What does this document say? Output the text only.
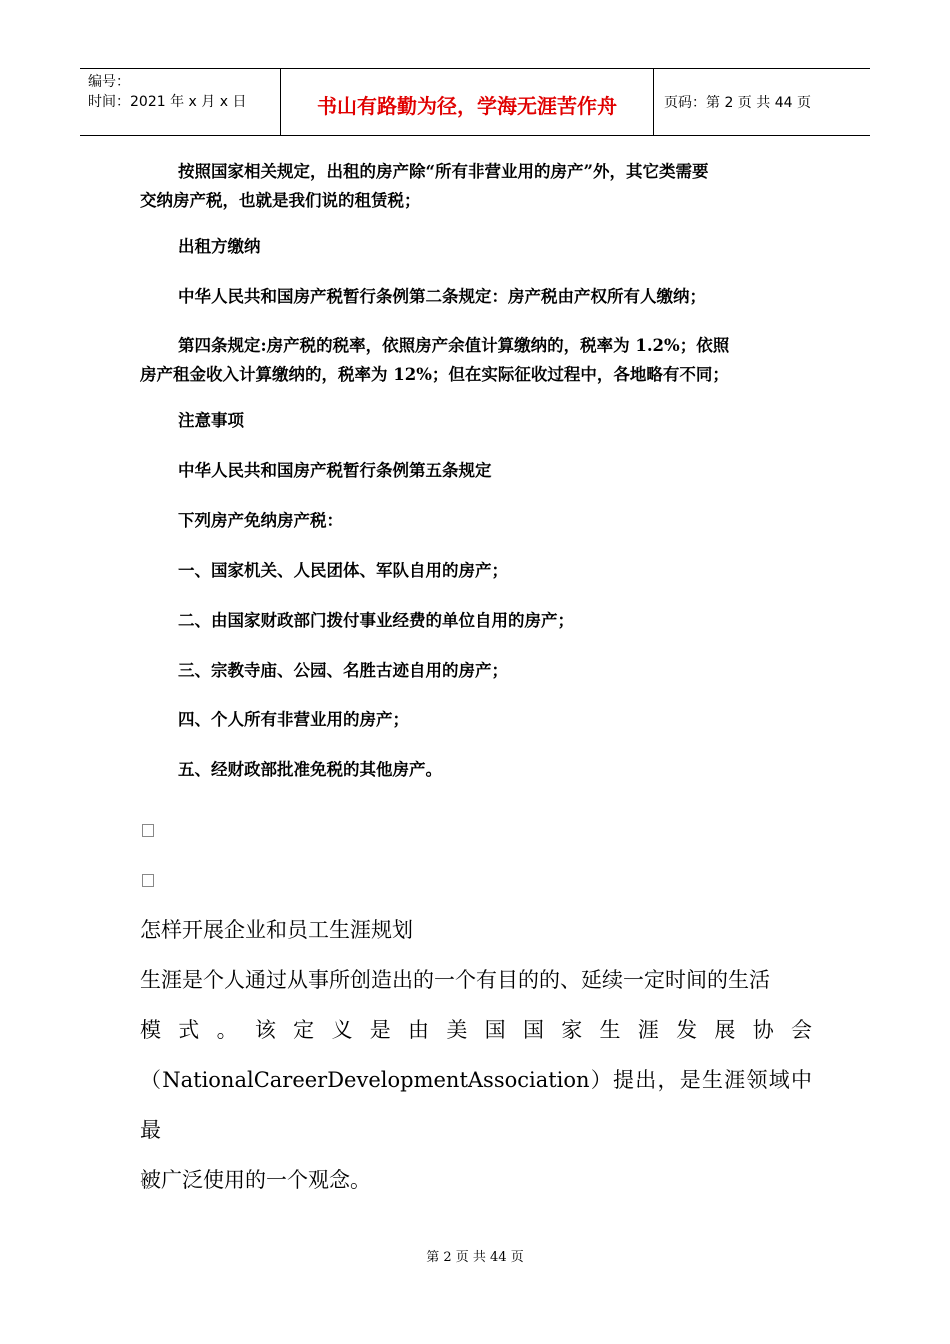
编号：
时间：2021 年 x 月 x 日	书山有路勤为径，学海无涯苦作舟	页码：第 2 页 共 44 页

按照国家相关规定，出租的房产除“所有非营业用的房产”外，其它类需要

交纳房产税，也就是我们说的租赁税；

出租方缴纳

中华人民共和国房产税暂行条例第二条规定：房产税由产权所有人缴纳；

第四条规定:房产税的税率，依照房产余值计算缴纳的，税率为 1.2%；依照

房产租金收入计算缴纳的，税率为 12%；但在实际征收过程中，各地略有不同；

注意事项

中华人民共和国房产税暂行条例第五条规定

下列房产免纳房产税：

一、国家机关、人民团体、军队自用的房产；

二、由国家财政部门拨付事业经费的单位自用的房产；

三、宗教寺庙、公园、名胜古迹自用的房产；

四、个人所有非营业用的房产；

五、经财政部批准免税的其他房产。

怎样开展企业和员工生涯规划

生涯是个人通过从事所创造出的一个有目的的、延续一定时间的生活

模式。该定义是由美国国家生涯发展协会

（NationalCareerDevelopmentAssociation）提出，是生涯领域中最

被广泛使用的一个观念。

第 2 页 共 44 页
